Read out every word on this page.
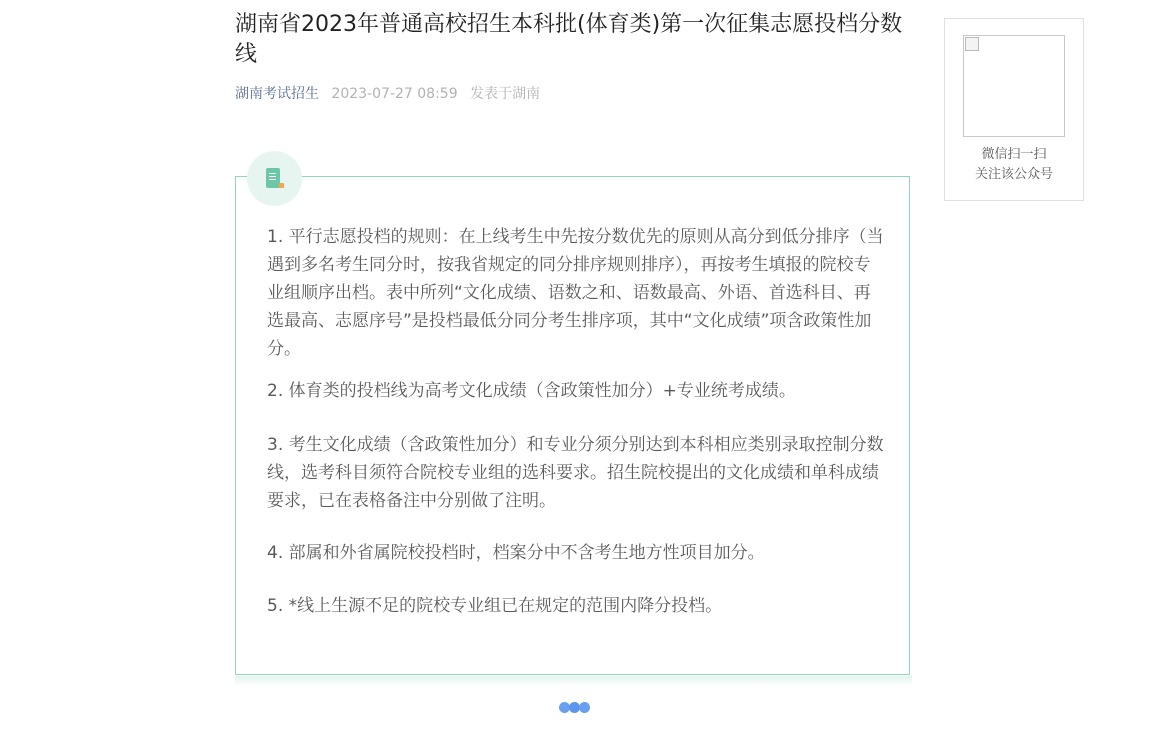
湖南省2023年普通高校招生本科批(体育类)第一次征集志愿投档分数线
湖南考试招生 2023-07-27 08:59 发表于湖南

1. 平行志愿投档的规则：在上线考生中先按分数优先的原则从高分到低分排序（当遇到多名考生同分时，按我省规定的同分排序规则排序），再按考生填报的院校专业组顺序出档。表中所列“文化成绩、语数之和、语数最高、外语、首选科目、再选最高、志愿序号”是投档最低分同分考生排序项，其中“文化成绩”项含政策性加分。

2. 体育类的投档线为高考文化成绩（含政策性加分）+专业统考成绩。

3. 考生文化成绩（含政策性加分）和专业分须分别达到本科相应类别录取控制分数线，选考科目须符合院校专业组的选科要求。招生院校提出的文化成绩和单科成绩要求，已在表格备注中分别做了注明。

4. 部属和外省属院校投档时，档案分中不含考生地方性项目加分。

5. *线上生源不足的院校专业组已在规定的范围内降分投档。

微信扫一扫
关注该公众号
